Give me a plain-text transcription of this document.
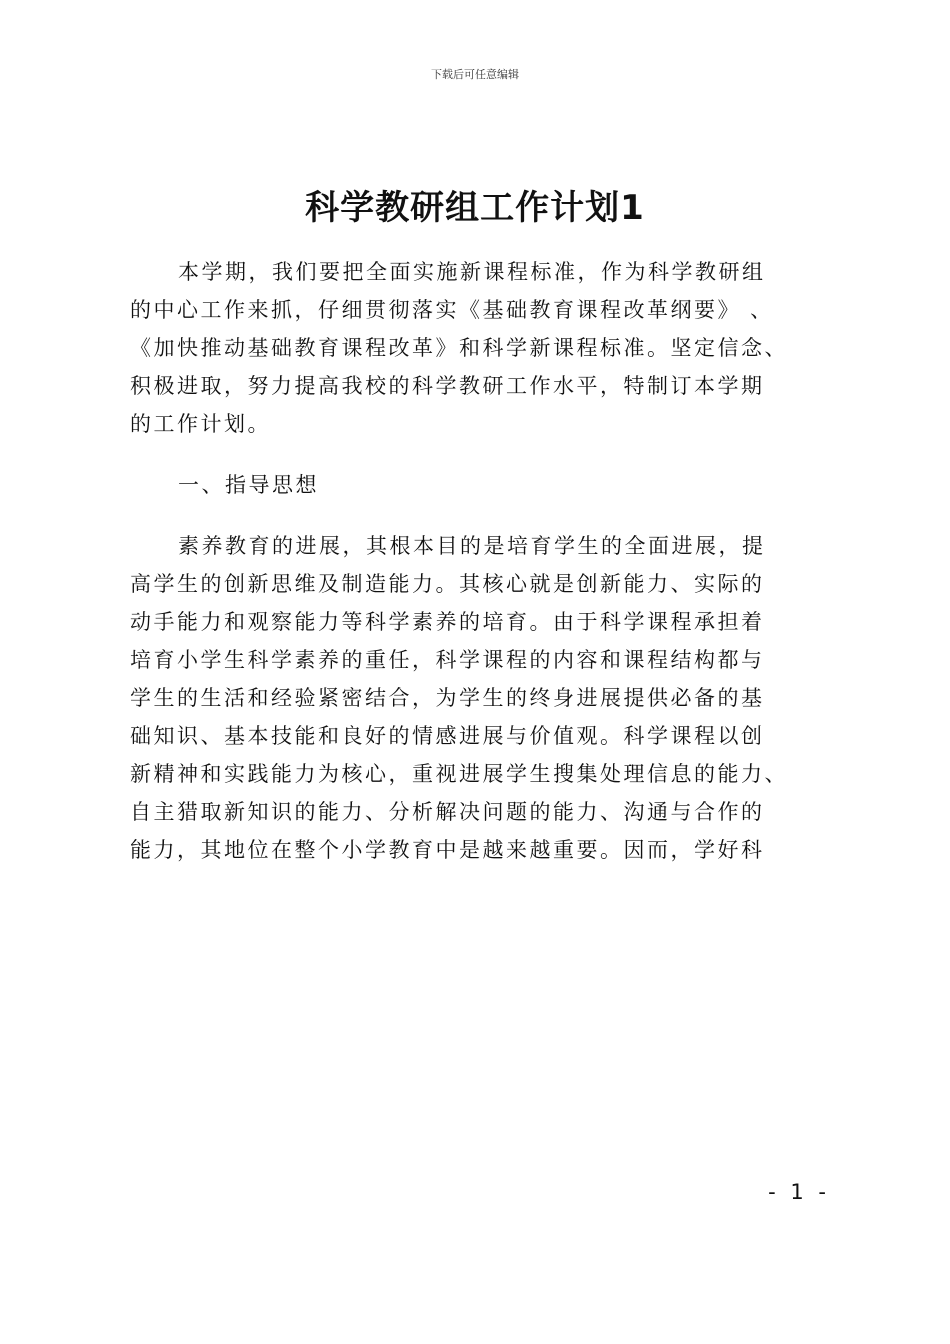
下载后可任意编辑
科学教研组工作计划1
本学期，我们要把全面实施新课程标准，作为科学教研组
的中心工作来抓，仔细贯彻落实《基础教育课程改革纲要》 、
《加快推动基础教育课程改革》和科学新课程标准。坚定信念、
积极进取，努力提高我校的科学教研工作水平，特制订本学期
的工作计划。
一、指导思想
素养教育的进展，其根本目的是培育学生的全面进展，提
高学生的创新思维及制造能力。其核心就是创新能力、实际的
动手能力和观察能力等科学素养的培育。由于科学课程承担着
培育小学生科学素养的重任，科学课程的内容和课程结构都与
学生的生活和经验紧密结合，为学生的终身进展提供必备的基
础知识、基本技能和良好的情感进展与价值观。科学课程以创
新精神和实践能力为核心，重视进展学生搜集处理信息的能力、
自主猎取新知识的能力、分析解决问题的能力、沟通与合作的
能力，其地位在整个小学教育中是越来越重要。因而，学好科
- 1 -
